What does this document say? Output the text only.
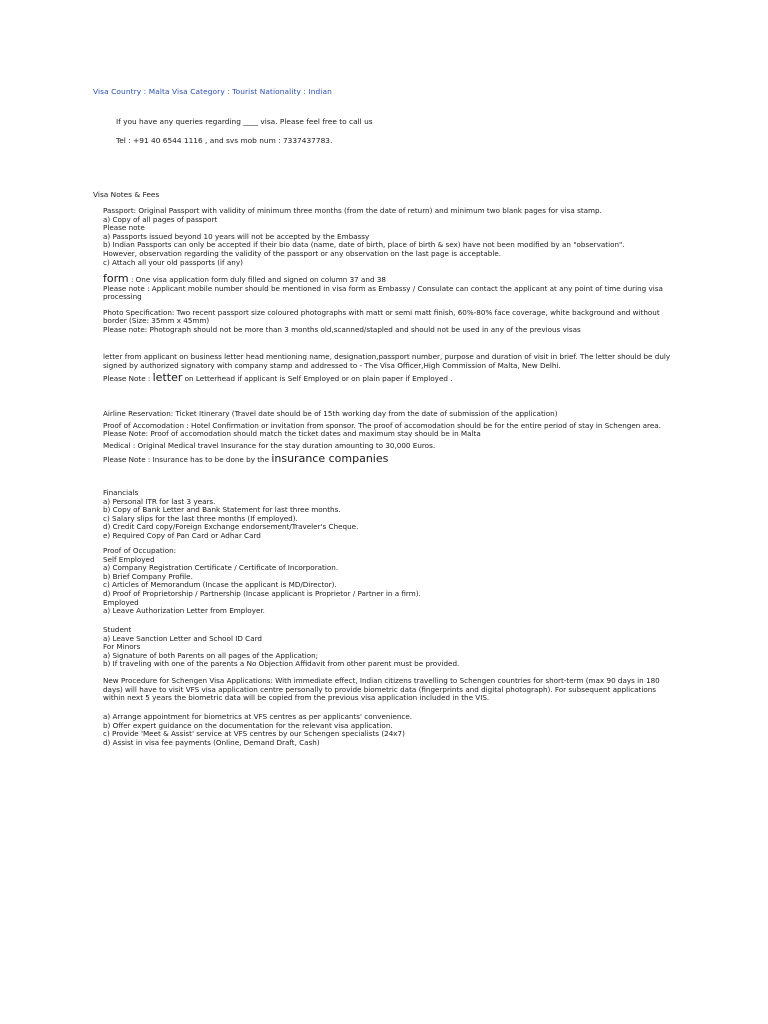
Visa Country : Malta Visa Category : Tourist Nationality : Indian
If you have any queries regarding ____ visa. Please feel free to call us
Tel : +91 40 6544 1116 , and svs mob num : 7337437783.
Visa Notes & Fees

Passport: Original Passport with validity of minimum three months (from the date of return) and minimum two blank pages for visa stamp.

a) Copy of all pages of passport

Please note

a) Passports issued beyond 10 years will not be accepted by the Embassy

b) Indian Passports can only be accepted if their bio data (name, date of birth, place of birth & sex) have not been modified by an "observation".

However, observation regarding the validity of the passport or any observation on the last page is acceptable.

c) Attach all your old passports (if any)

form : One visa application form duly filled and signed on column 37 and 38

Please note : Applicant mobile number should be mentioned in visa form as Embassy / Consulate can contact the applicant at any point of time during visa processing

Photo Specification: Two recent passport size coloured photographs with matt or semi matt finish, 60%-80% face coverage, white background and without border (Size: 35mm x 45mm)

Please note: Photograph should not be more than 3 months old,scanned/stapled and should not be used in any of the previous visas

letter from applicant on business letter head mentioning name, designation,passport number, purpose and duration of visit in brief. The letter should be duly signed by authorized signatory with company stamp and addressed to - The Visa Officer,High Commission of Malta, New Delhi.

Please Note : letter on Letterhead if applicant is Self Employed or on plain paper if Employed .

Airline Reservation: Ticket Itinerary (Travel date should be of 15th working day from the date of submission of the application)

Proof of Accomodation : Hotel Confirmation or invitation from sponsor. The proof of accomodation should be for the entire period of stay in Schengen area.

Please Note: Proof of accomodation should match the ticket dates and maximum stay should be in Malta

Medical : Original Medical travel Insurance for the stay duration amounting to 30,000 Euros.

Please Note : Insurance has to be done by the insurance companies

Financials

a) Personal ITR for last 3 years.

b) Copy of Bank Letter and Bank Statement for last three months.

c) Salary slips for the last three months (If employed).

d) Credit Card copy/Foreign Exchange endorsement/Traveler's Cheque.

e) Required Copy of Pan Card or Adhar Card

Proof of Occupation:

Self Employed

a) Company Registration Certificate / Certificate of Incorporation.

b) Brief Company Profile.

c) Articles of Memorandum (Incase the applicant is MD/Director).

d) Proof of Proprietorship / Partnership (Incase applicant is Proprietor / Partner in a firm).

Employed

a) Leave Authorization Letter from Employer.

Student

a) Leave Sanction Letter and School ID Card

For Minors

a) Signature of both Parents on all pages of the Application;

b) If traveling with one of the parents a No Objection Affidavit from other parent must be provided.

New Procedure for Schengen Visa Applications: With immediate effect, Indian citizens travelling to Schengen countries for short-term (max 90 days in 180 days) will have to visit VFS visa application centre personally to provide biometric data (fingerprints and digital photograph). For subsequent applications within next 5 years the biometric data will be copied from the previous visa application included in the VIS.

a) Arrange appointment for biometrics at VFS centres as per applicants' convenience.

b) Offer expert guidance on the documentation for the relevant visa application.

c) Provide 'Meet & Assist' service at VFS centres by our Schengen specialists (24x7)

d) Assist in visa fee payments (Online, Demand Draft, Cash)
